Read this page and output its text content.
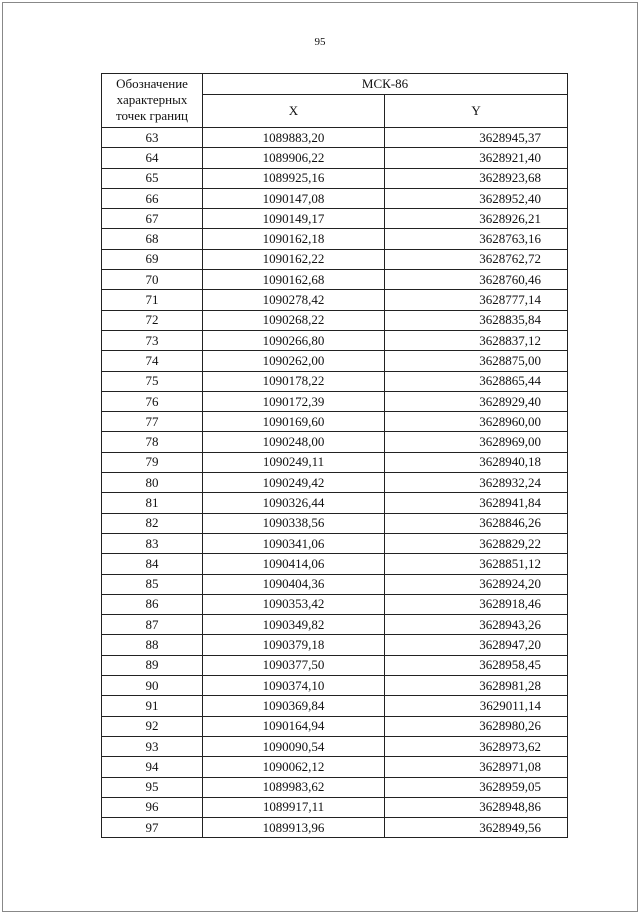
95
Обозначение характерных точек границ	МСК-86	
	X	Y
63	1089883,20	3628945,37
64	1089906,22	3628921,40
65	1089925,16	3628923,68
66	1090147,08	3628952,40
67	1090149,17	3628926,21
68	1090162,18	3628763,16
69	1090162,22	3628762,72
70	1090162,68	3628760,46
71	1090278,42	3628777,14
72	1090268,22	3628835,84
73	1090266,80	3628837,12
74	1090262,00	3628875,00
75	1090178,22	3628865,44
76	1090172,39	3628929,40
77	1090169,60	3628960,00
78	1090248,00	3628969,00
79	1090249,11	3628940,18
80	1090249,42	3628932,24
81	1090326,44	3628941,84
82	1090338,56	3628846,26
83	1090341,06	3628829,22
84	1090414,06	3628851,12
85	1090404,36	3628924,20
86	1090353,42	3628918,46
87	1090349,82	3628943,26
88	1090379,18	3628947,20
89	1090377,50	3628958,45
90	1090374,10	3628981,28
91	1090369,84	3629011,14
92	1090164,94	3628980,26
93	1090090,54	3628973,62
94	1090062,12	3628971,08
95	1089983,62	3628959,05
96	1089917,11	3628948,86
97	1089913,96	3628949,56
